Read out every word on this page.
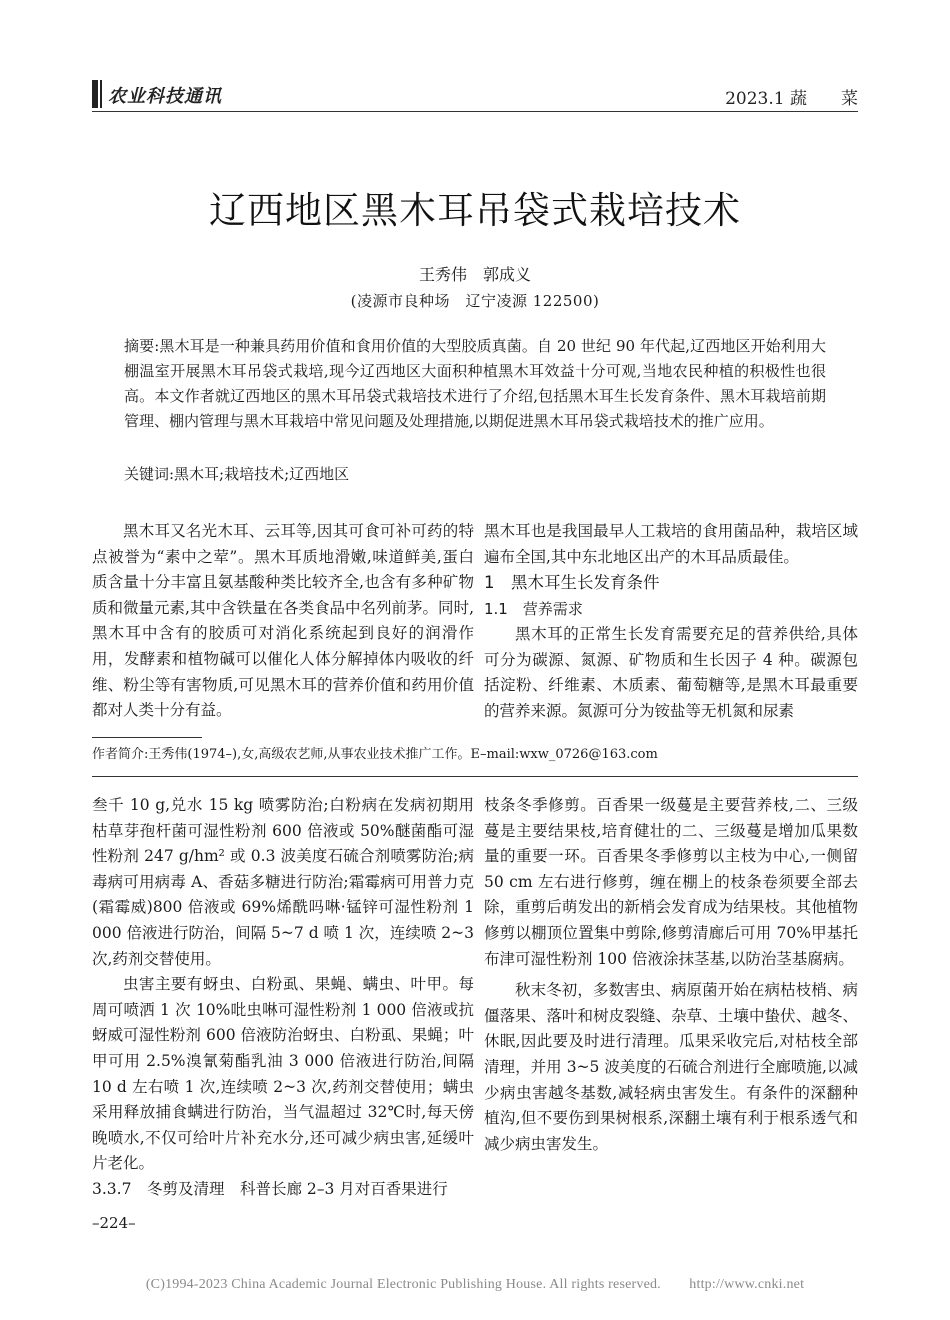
农业科技通讯	2023.1 蔬　　菜
辽西地区黑木耳吊袋式栽培技术
王秀伟　郭成义
(凌源市良种场　辽宁凌源 122500)
摘要:黑木耳是一种兼具药用价值和食用价值的大型胶质真菌。自 20 世纪 90 年代起,辽西地区开始利用大棚温室开展黑木耳吊袋式栽培,现今辽西地区大面积种植黑木耳效益十分可观,当地农民种植的积极性也很高。本文作者就辽西地区的黑木耳吊袋式栽培技术进行了介绍,包括黑木耳生长发育条件、黑木耳栽培前期管理、棚内管理与黑木耳栽培中常见问题及处理措施,以期促进黑木耳吊袋式栽培技术的推广应用。
关键词:黑木耳;栽培技术;辽西地区

黑木耳又名光木耳、云耳等,因其可食可补可药的特点被誉为“素中之荤”。黑木耳质地滑嫩,味道鲜美,蛋白质含量十分丰富且氨基酸种类比较齐全,也含有多种矿物质和微量元素,其中含铁量在各类食品中名列前茅。同时,黑木耳中含有的胶质可对消化系统起到良好的润滑作用，发酵素和植物碱可以催化人体分解掉体内吸收的纤维、粉尘等有害物质,可见黑木耳的营养价值和药用价值都对人类十分有益。

黑木耳也是我国最早人工栽培的食用菌品种，栽培区域遍布全国,其中东北地区出产的木耳品质最佳。

1　黑木耳生长发育条件
1.1　营养需求

黑木耳的正常生长发育需要充足的营养供给,具体可分为碳源、氮源、矿物质和生长因子 4 种。碳源包括淀粉、纤维素、木质素、葡萄糖等,是黑木耳最重要的营养来源。氮源可分为铵盐等无机氮和尿素

作者简介:王秀伟(1974–),女,高级农艺师,从事农业技术推广工作。E–mail:wxw_0726@163.com

叁千 10 g,兑水 15 kg 喷雾防治;白粉病在发病初期用枯草芽孢杆菌可湿性粉剂 600 倍液或 50%醚菌酯可湿性粉剂 247 g/hm² 或 0.3 波美度石硫合剂喷雾防治;病毒病可用病毒 A、香菇多糖进行防治;霜霉病可用普力克(霜霉威)800 倍液或 69%烯酰吗啉·锰锌可湿性粉剂 1 000 倍液进行防治，间隔 5~7 d 喷 1 次，连续喷 2~3 次,药剂交替使用。

虫害主要有蚜虫、白粉虱、果蝇、螨虫、叶甲。每周可喷洒 1 次 10%吡虫啉可湿性粉剂 1 000 倍液或抗蚜威可湿性粉剂 600 倍液防治蚜虫、白粉虱、果蝇；叶甲可用 2.5%溴氰菊酯乳油 3 000 倍液进行防治,间隔 10 d 左右喷 1 次,连续喷 2~3 次,药剂交替使用；螨虫采用释放捕食螨进行防治，当气温超过 32℃时,每天傍晚喷水,不仅可给叶片补充水分,还可减少病虫害,延缓叶片老化。

3.3.7　冬剪及清理　科普长廊 2–3 月对百香果进行

枝条冬季修剪。百香果一级蔓是主要营养枝,二、三级蔓是主要结果枝,培育健壮的二、三级蔓是增加瓜果数量的重要一环。百香果冬季修剪以主枝为中心,一侧留 50 cm 左右进行修剪，缠在棚上的枝条卷须要全部去除，重剪后萌发出的新梢会发育成为结果枝。其他植物修剪以棚顶位置集中剪除,修剪清廊后可用 70%甲基托布津可湿性粉剂 100 倍液涂抹茎基,以防治茎基腐病。

秋末冬初，多数害虫、病原菌开始在病枯枝梢、病僵落果、落叶和树皮裂缝、杂草、土壤中蛰伏、越冬、休眠,因此要及时进行清理。瓜果采收完后,对枯枝全部清理，并用 3~5 波美度的石硫合剂进行全廊喷施,以减少病虫害越冬基数,减轻病虫害发生。有条件的深翻种植沟,但不要伤到果树根系,深翻土壤有利于根系透气和减少病虫害发生。

–224–
(C)1994-2023 China Academic Journal Electronic Publishing House. All rights reserved.　　http://www.cnki.net
